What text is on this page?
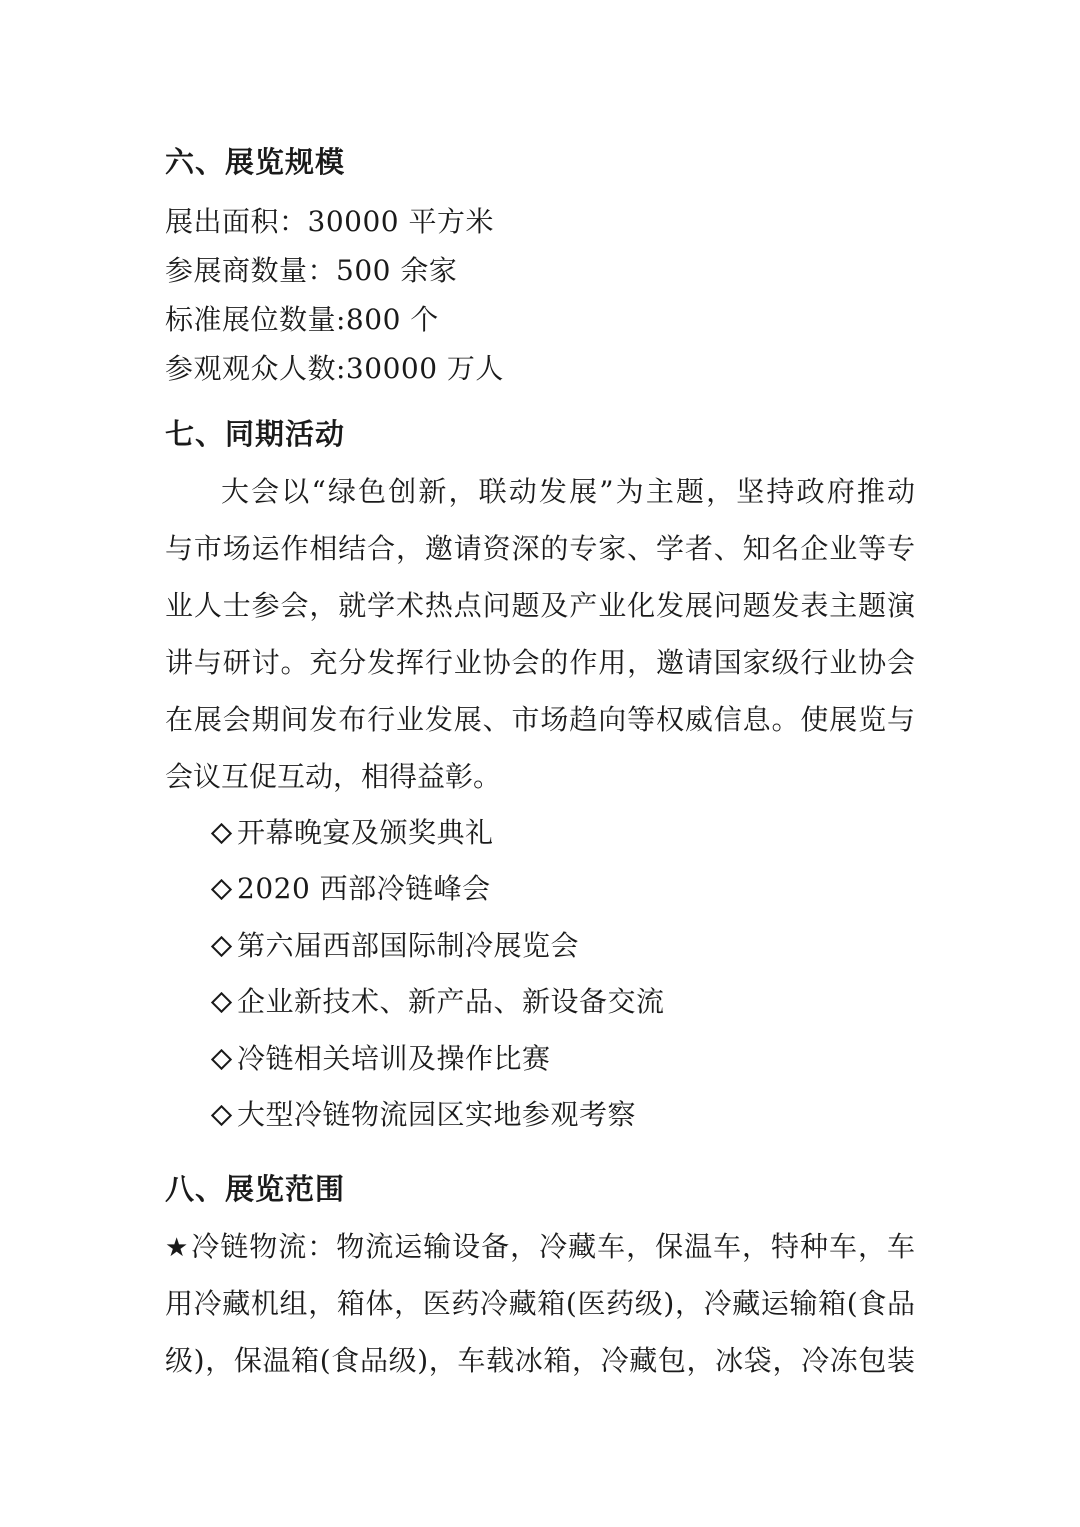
六、展览规模
展出面积：30000 平方米
参展商数量：500 余家
标准展位数量:800 个
参观观众人数:30000 万人
七、同期活动
大会以“绿色创新，联动发展”为主题，坚持政府推动
与市场运作相结合，邀请资深的专家、学者、知名企业等专
业人士参会，就学术热点问题及产业化发展问题发表主题演
讲与研讨。充分发挥行业协会的作用，邀请国家级行业协会
在展会期间发布行业发展、市场趋向等权威信息。使展览与
会议互促互动，相得益彰。
开幕晚宴及颁奖典礼
2020 西部冷链峰会
第六届西部国际制冷展览会
企业新技术、新产品、新设备交流
冷链相关培训及操作比赛
大型冷链物流园区实地参观考察
八、展览范围
★冷链物流：物流运输设备，冷藏车，保温车，特种车，车
用冷藏机组，箱体，医药冷藏箱(医药级)，冷藏运输箱(食品
级)，保温箱(食品级)，车载冰箱，冷藏包，冰袋，冷冻包装
